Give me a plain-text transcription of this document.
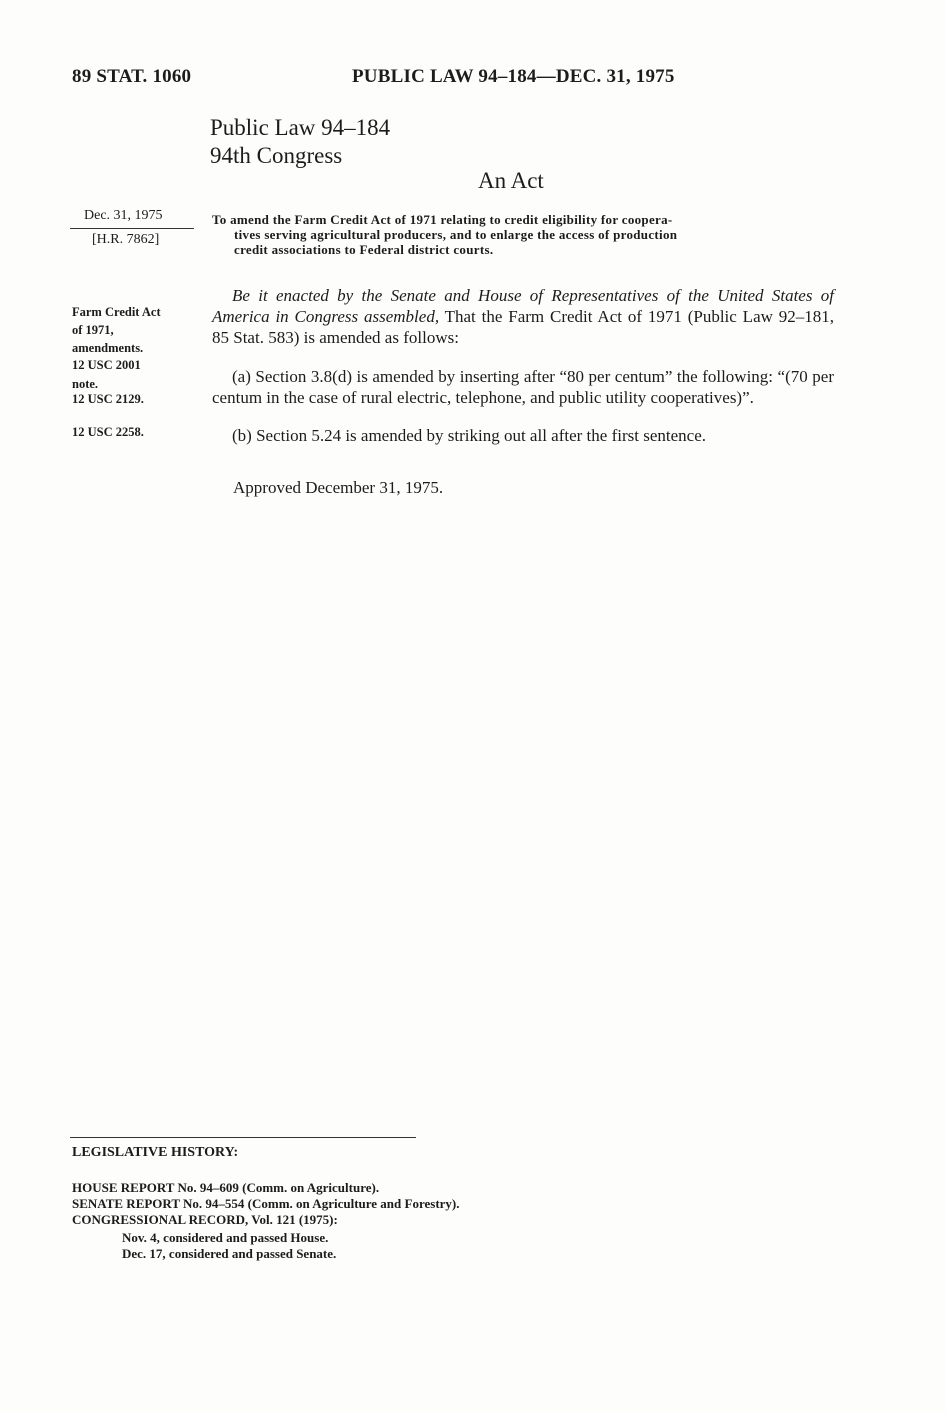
89 STAT. 1060	PUBLIC LAW 94–184—DEC. 31, 1975
Public Law 94–184
94th Congress
An Act
Dec. 31, 1975
[H.R. 7862]
To amend the Farm Credit Act of 1971 relating to credit eligibility for coopera-
tives serving agricultural producers, and to enlarge the access of production
credit associations to Federal district courts.
Farm Credit Act
of 1971,
amendments.
12 USC 2001
note.
12 USC 2129.
12 USC 2258.
Be it enacted by the Senate and House of Representatives of the United States of America in Congress assembled, That the Farm Credit Act of 1971 (Public Law 92–181, 85 Stat. 583) is amended as follows:
(a) Section 3.8(d) is amended by inserting after “80 per centum” the following: “(70 per centum in the case of rural electric, telephone, and public utility cooperatives)”.
(b) Section 5.24 is amended by striking out all after the first sentence.
Approved December 31, 1975.
LEGISLATIVE HISTORY:
HOUSE REPORT No. 94–609 (Comm. on Agriculture).
SENATE REPORT No. 94–554 (Comm. on Agriculture and Forestry).
CONGRESSIONAL RECORD, Vol. 121 (1975):
Nov. 4, considered and passed House.
Dec. 17, considered and passed Senate.
